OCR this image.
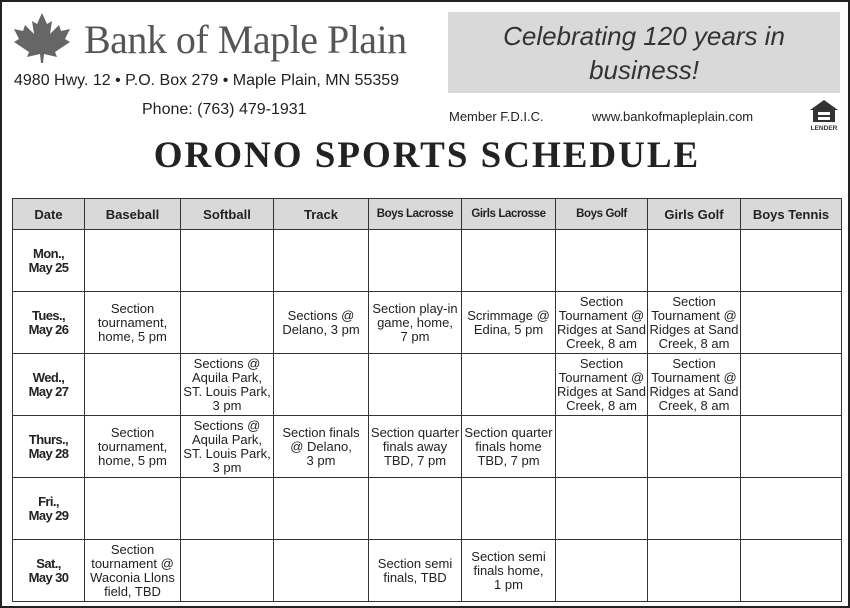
Bank of Maple Plain
4980 Hwy. 12 • P.O. Box 279 • Maple Plain, MN 55359
Phone: (763) 479-1931
Celebrating 120 years in business!
Member F.D.I.C.	www.bankofmapleplain.com
LENDER
ORONO SPORTS SCHEDULE
Date	Baseball	Softball	Track	Boys Lacrosse	Girls Lacrosse	Boys Golf	Girls Golf	Boys Tennis

Mon.,
May 25								

Tues.,
May 26	Section
tournament,
home, 5 pm		Sections @
Delano, 3 pm	Section play-in
game, home,
7 pm	Scrimmage @
Edina, 5 pm	Section
Tournament @
Ridges at Sand
Creek, 8 am	Section
Tournament @
Ridges at Sand
Creek, 8 am	

Wed.,
May 27		Sections @
Aquila Park,
ST. Louis Park,
3 pm				Section
Tournament @
Ridges at Sand
Creek, 8 am	Section
Tournament @
Ridges at Sand
Creek, 8 am	

Thurs.,
May 28	Section
tournament,
home, 5 pm	Sections @
Aquila Park,
ST. Louis Park,
3 pm	Section finals
@ Delano,
3 pm	Section quarter
finals away
TBD, 7 pm	Section quarter
finals home
TBD, 7 pm			

Fri.,
May 29								

Sat.,
May 30	Section
tournament @
Waconia Llons
field, TBD			Section semi
finals, TBD	Section semi
finals home,
1 pm			
